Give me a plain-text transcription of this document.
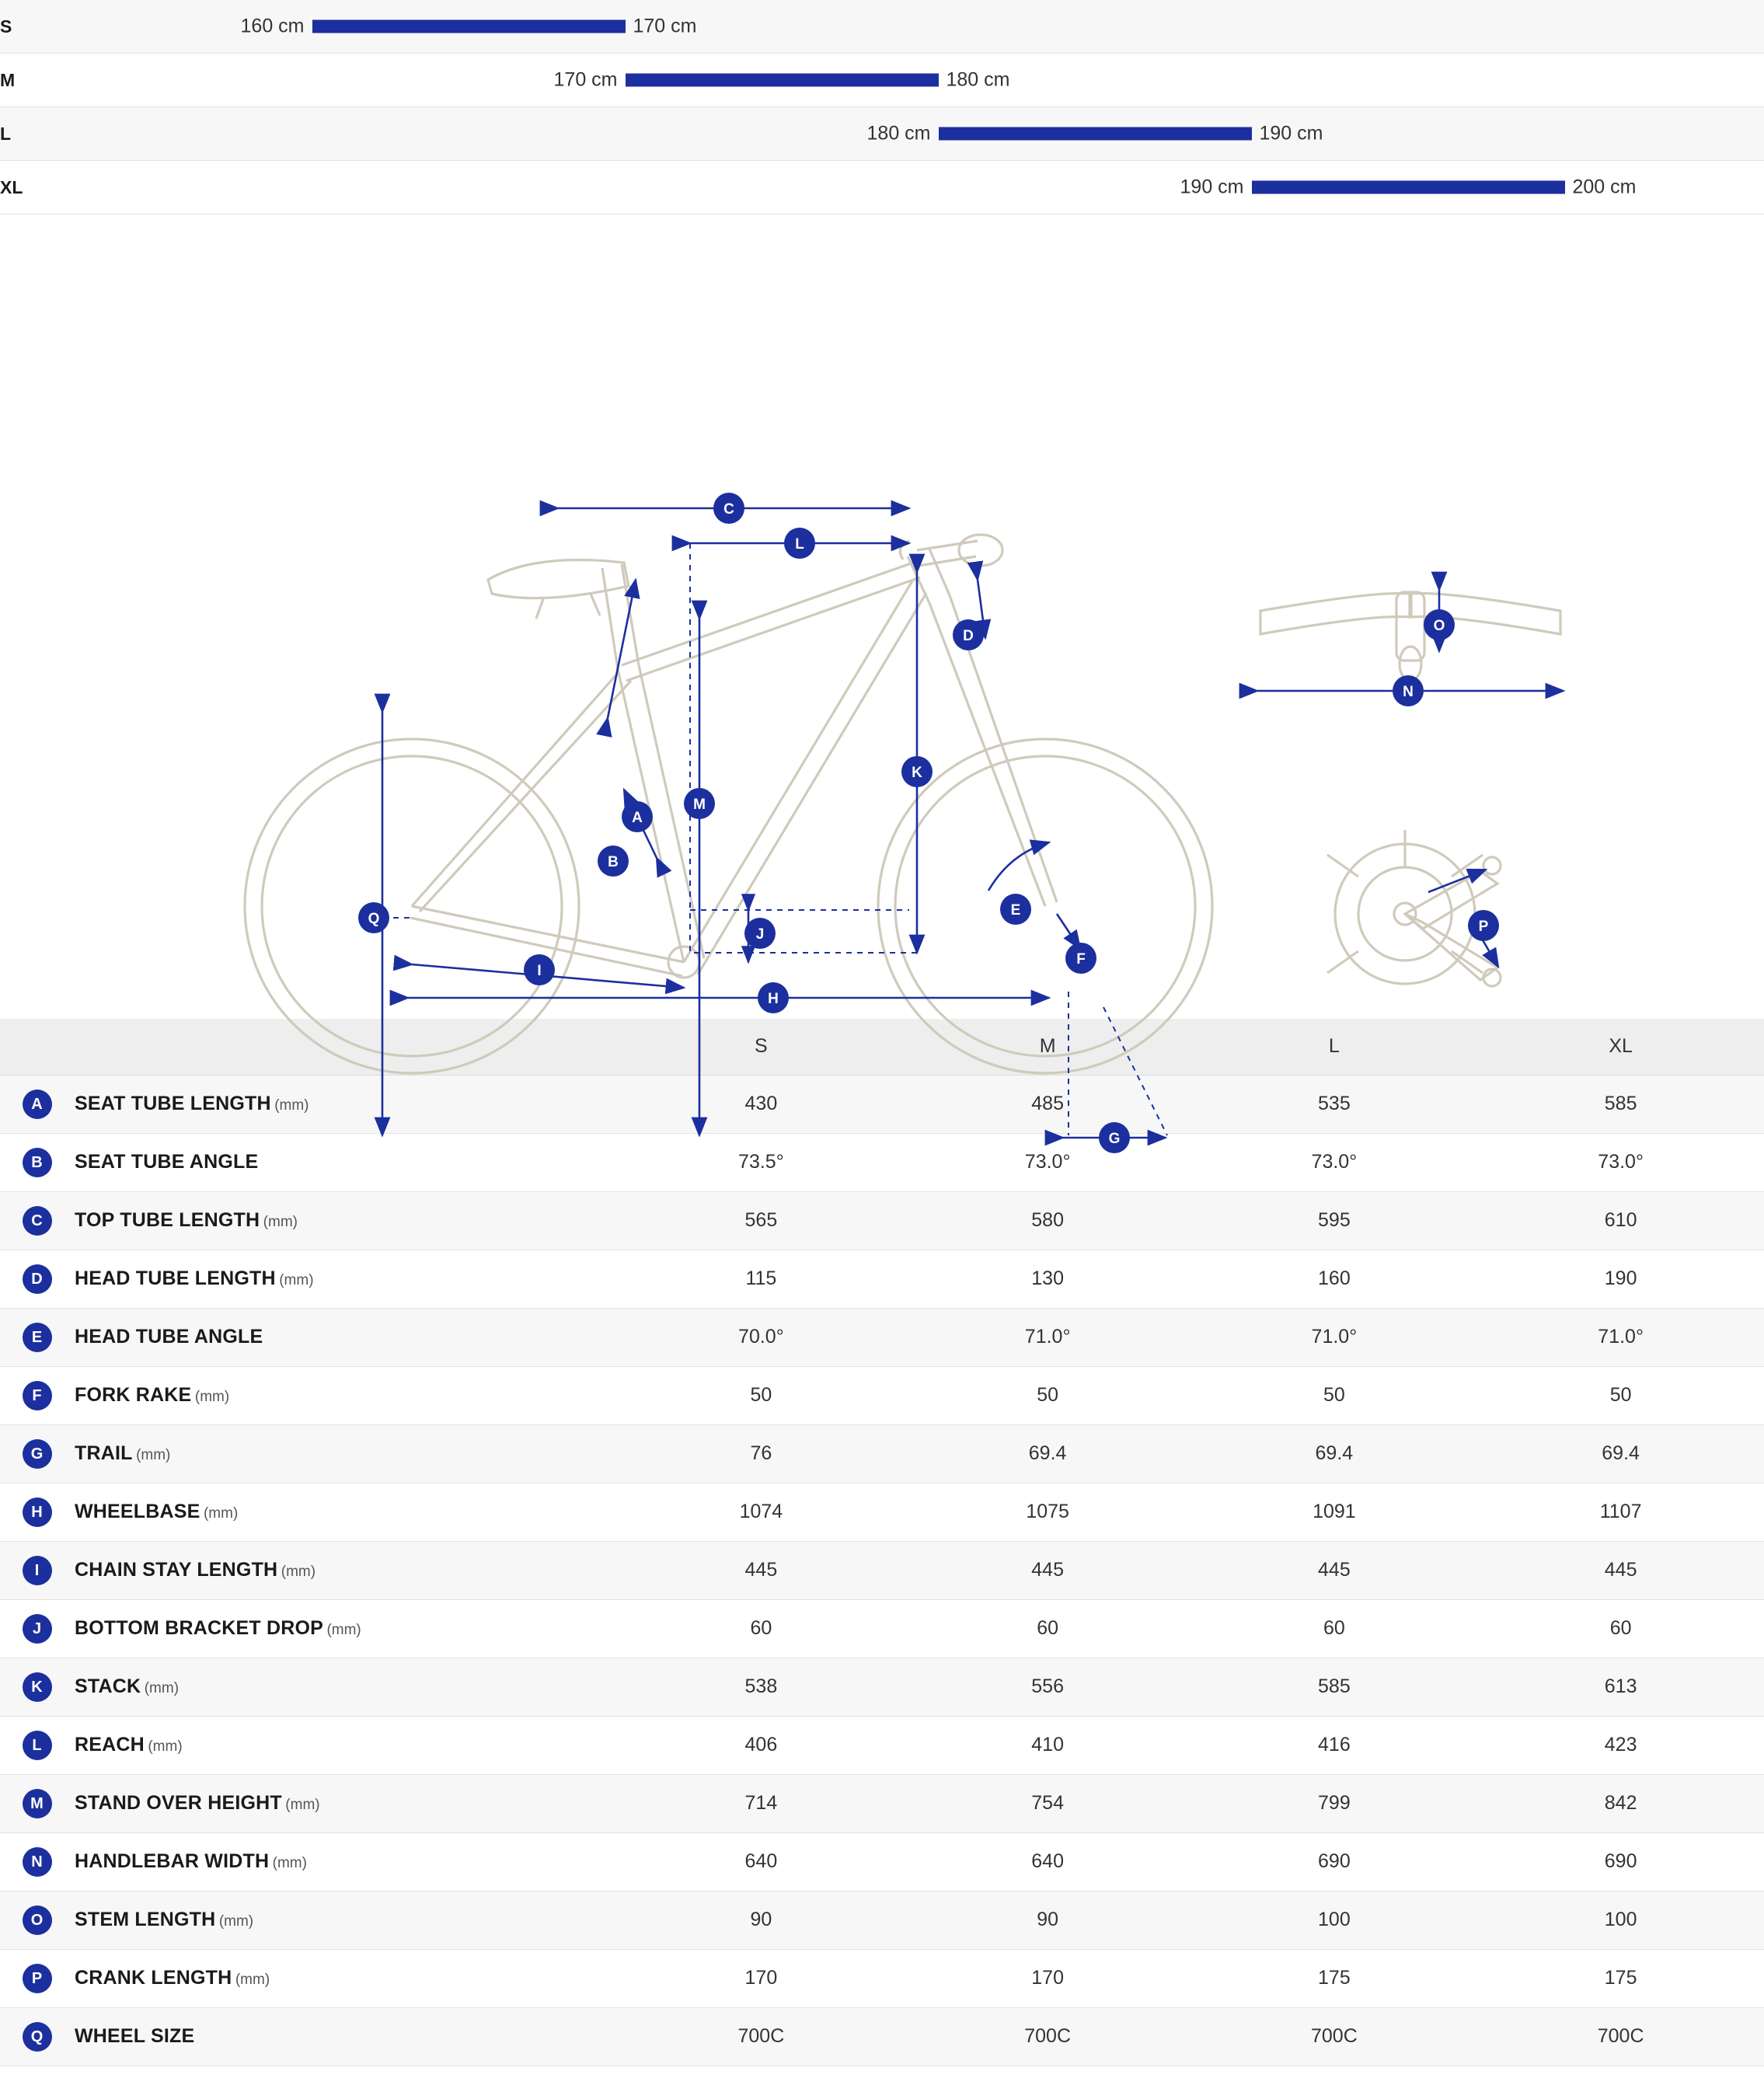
S	160 cm 170 cm

M	170 cm 180 cm

L	180 cm 190 cm

XL	190 cm 200 cm
C
L
D
K
M
A
B
J
Q
I
H
E
F
G
N
O
P
		S	M	L	XL
A	SEAT TUBE LENGTH (mm)	430	485	535	585
B	SEAT TUBE ANGLE	73.5°	73.0°	73.0°	73.0°
C	TOP TUBE LENGTH (mm)	565	580	595	610
D	HEAD TUBE LENGTH (mm)	115	130	160	190
E	HEAD TUBE ANGLE	70.0°	71.0°	71.0°	71.0°
F	FORK RAKE (mm)	50	50	50	50
G	TRAIL (mm)	76	69.4	69.4	69.4
H	WHEELBASE (mm)	1074	1075	1091	1107
I	CHAIN STAY LENGTH (mm)	445	445	445	445
J	BOTTOM BRACKET DROP (mm)	60	60	60	60
K	STACK (mm)	538	556	585	613
L	REACH (mm)	406	410	416	423
M	STAND OVER HEIGHT (mm)	714	754	799	842
N	HANDLEBAR WIDTH (mm)	640	640	690	690
O	STEM LENGTH (mm)	90	90	100	100
P	CRANK LENGTH (mm)	170	170	175	175
Q	WHEEL SIZE	700C	700C	700C	700C
